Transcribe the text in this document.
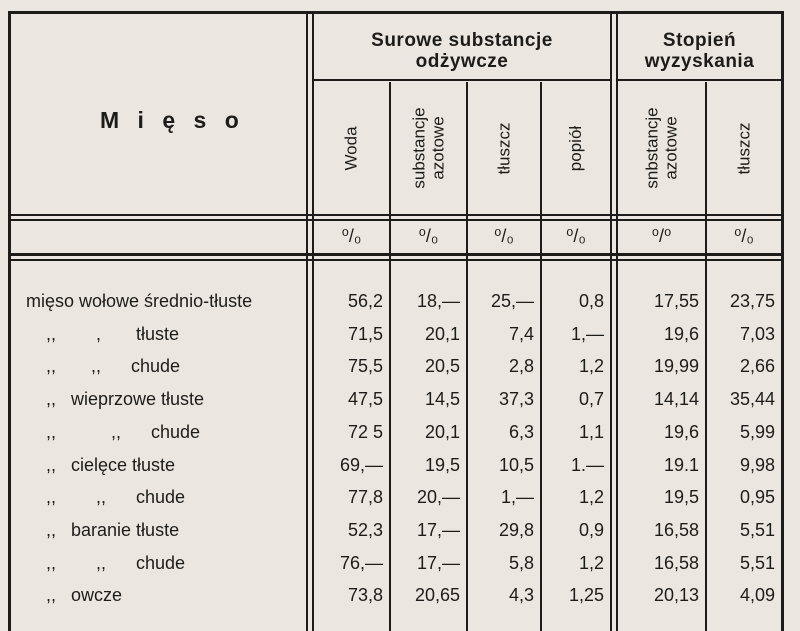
M i ę s o
Surowe substancje
odżywcze
Stopień
wyzyskania
Woda	substancje azotowe	tłuszcz	popiół	snbstancje azotowe	tłuszcz
⁰/₀	⁰/₀	⁰/₀	⁰/₀	⁰/⁰	⁰/₀
mięso wołowe średnio-tłuste	56,2 18,— 25,— 0,8	17,55 23,75
,,        ,       tłuste	71,5 20,1	7,4 1,—	19,6 7,03
,,       ,,      chude	75,5 20,5	2,8 1,2	19,99 2,66
,,   wieprzowe tłuste	47,5 14,5 37,3 0,7	14,14 35,44
,,           ,,      chude	72 5 20,1	6,3 1,1	19,6 5,99
,,   cielęce tłuste	69,— 19,5 10,5 1.—	19.1 9,98
,,        ,,      chude	77,8 20,— 1,— 1,2	19,5 0,95
,,   baranie tłuste	52,3 17,— 29,8 0,9	16,58 5,51
,,        ,,      chude	76,— 17,—	5,8 1,2	16,58 5,51
,,   owcze	73,8 20,65	4,3 1,25	20,13 4,09
